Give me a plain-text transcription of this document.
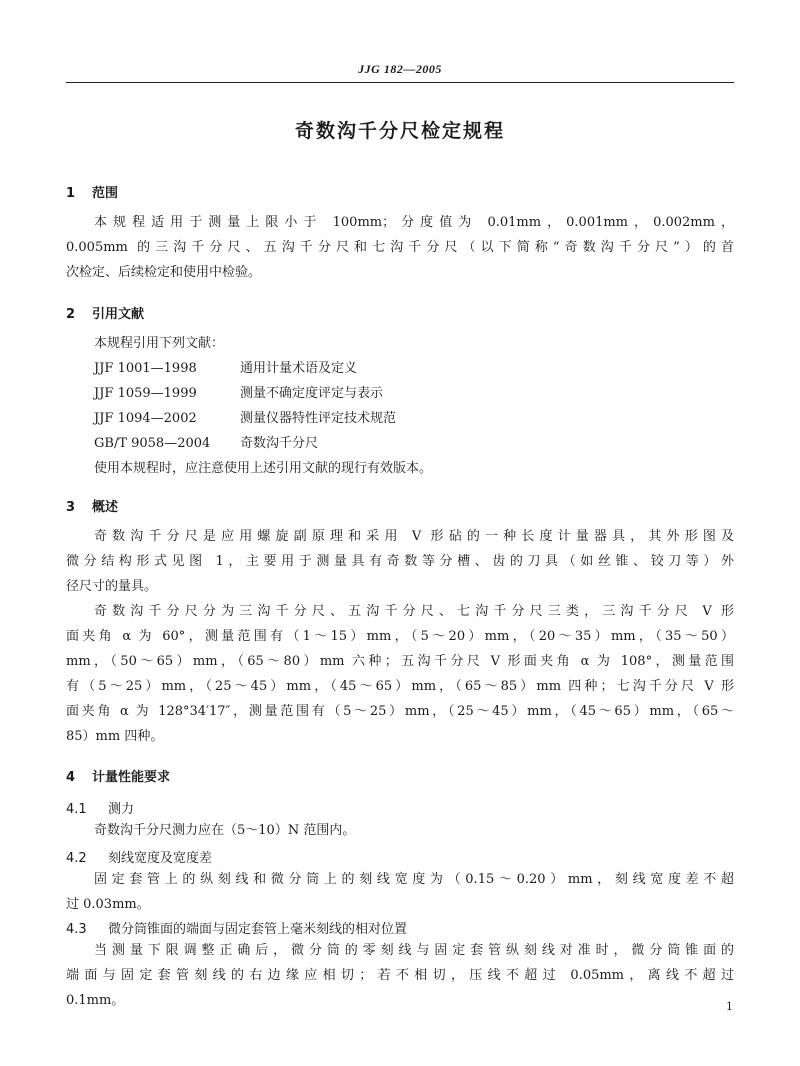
JJG 182—2005
奇数沟千分尺检定规程
1 范围
本规程适用于测量上限小于 100mm；分度值为 0.01mm，0.001mm，0.002mm，
0.005mm 的三沟千分尺、五沟千分尺和七沟千分尺（以下简称“奇数沟千分尺”）的首
次检定、后续检定和使用中检验。
2 引用文献
本规程引用下列文献：
JJF 1001—1998	通用计量术语及定义
JJF 1059—1999	测量不确定度评定与表示
JJF 1094—2002	测量仪器特性评定技术规范
GB/T 9058—2004 奇数沟千分尺
使用本规程时，应注意使用上述引用文献的现行有效版本。
3 概述
奇数沟千分尺是应用螺旋副原理和采用 V 形砧的一种长度计量器具，其外形图及
微分结构形式见图 1，主要用于测量具有奇数等分槽、齿的刀具（如丝锥、铰刀等）外
径尺寸的量具。
奇数沟千分尺分为三沟千分尺、五沟千分尺、七沟千分尺三类，三沟千分尺 V 形
面夹角 α 为 60°，测量范围有（1～15）mm，（5～20）mm，（20～35）mm，（35～50）
mm，（50～65）mm，（65～80）mm 六种；五沟千分尺 V 形面夹角 α 为 108°，测量范围
有（5～25）mm，（25～45）mm，（45～65）mm，（65～85）mm 四种；七沟千分尺 V 形
面夹角 α 为 128°34′17″，测量范围有（5～25）mm，（25～45）mm，（45～65）mm，（65～
85）mm 四种。
4 计量性能要求
4.1 测力
奇数沟千分尺测力应在（5～10）N 范围内。
4.2 刻线宽度及宽度差
固定套管上的纵刻线和微分筒上的刻线宽度为（0.15～0.20）mm，刻线宽度差不超
过 0.03mm。
4.3 微分筒锥面的端面与固定套管上毫米刻线的相对位置
当测量下限调整正确后，微分筒的零刻线与固定套管纵刻线对准时，微分筒锥面的
端面与固定套管刻线的右边缘应相切；若不相切，压线不超过 0.05mm，离线不超过
0.1mm。	1
